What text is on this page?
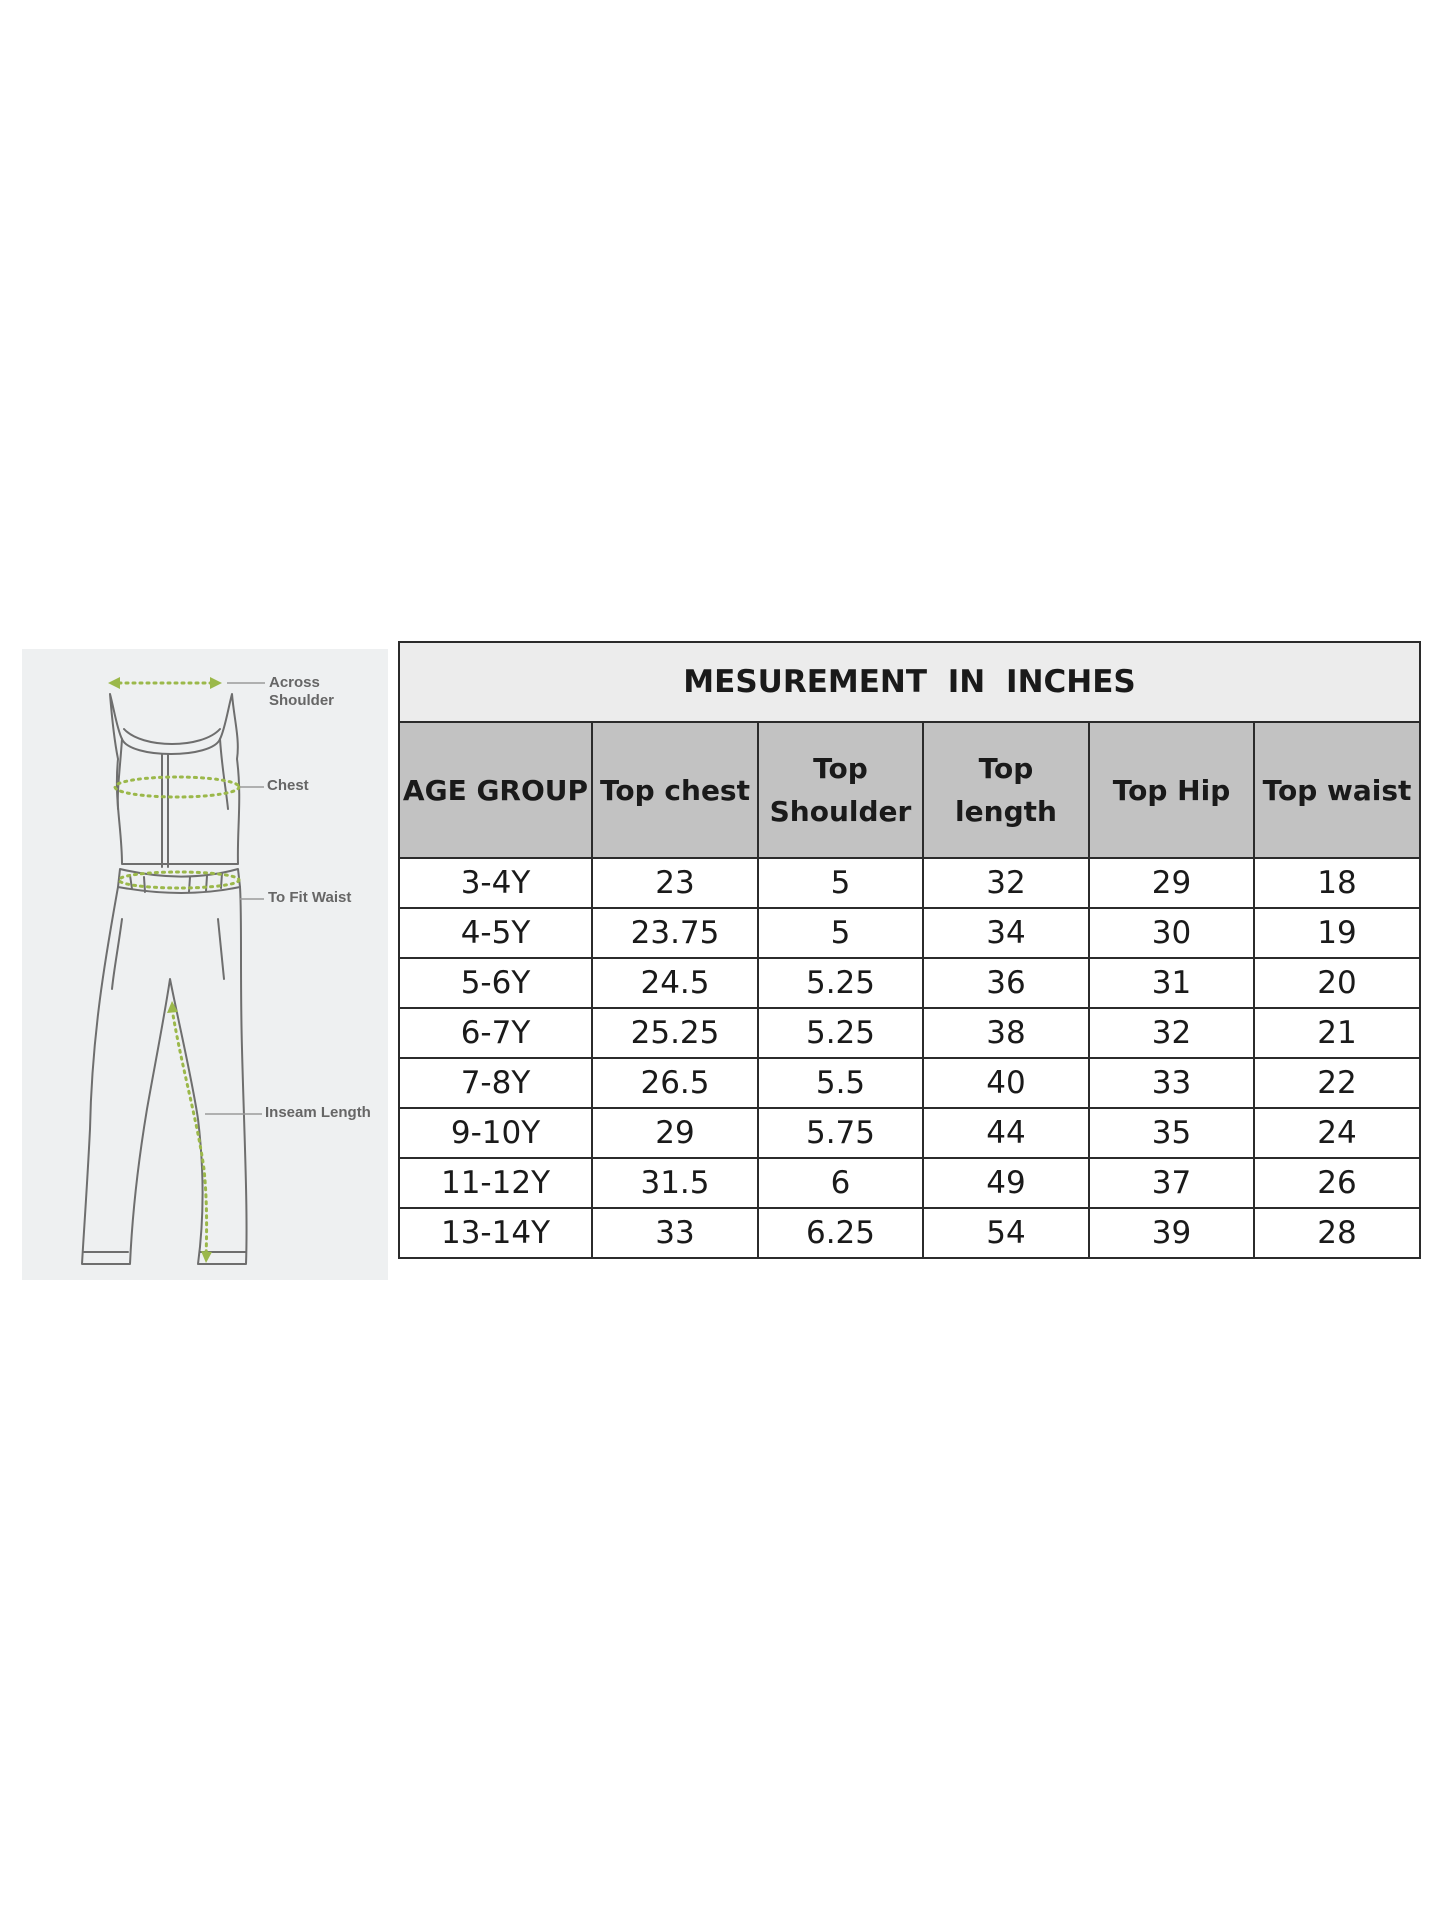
Across Shoulder
Chest
To Fit Waist
Inseam Length
MESUREMENT IN INCHES					
AGE GROUP	Top chest	Top Shoulder	Top length	Top Hip	Top waist
3-4Y	23	5	32	29	18
4-5Y	23.75	5	34	30	19
5-6Y	24.5	5.25	36	31	20
6-7Y	25.25	5.25	38	32	21
7-8Y	26.5	5.5	40	33	22
9-10Y	29	5.75	44	35	24
11-12Y	31.5	6	49	37	26
13-14Y	33	6.25	54	39	28
